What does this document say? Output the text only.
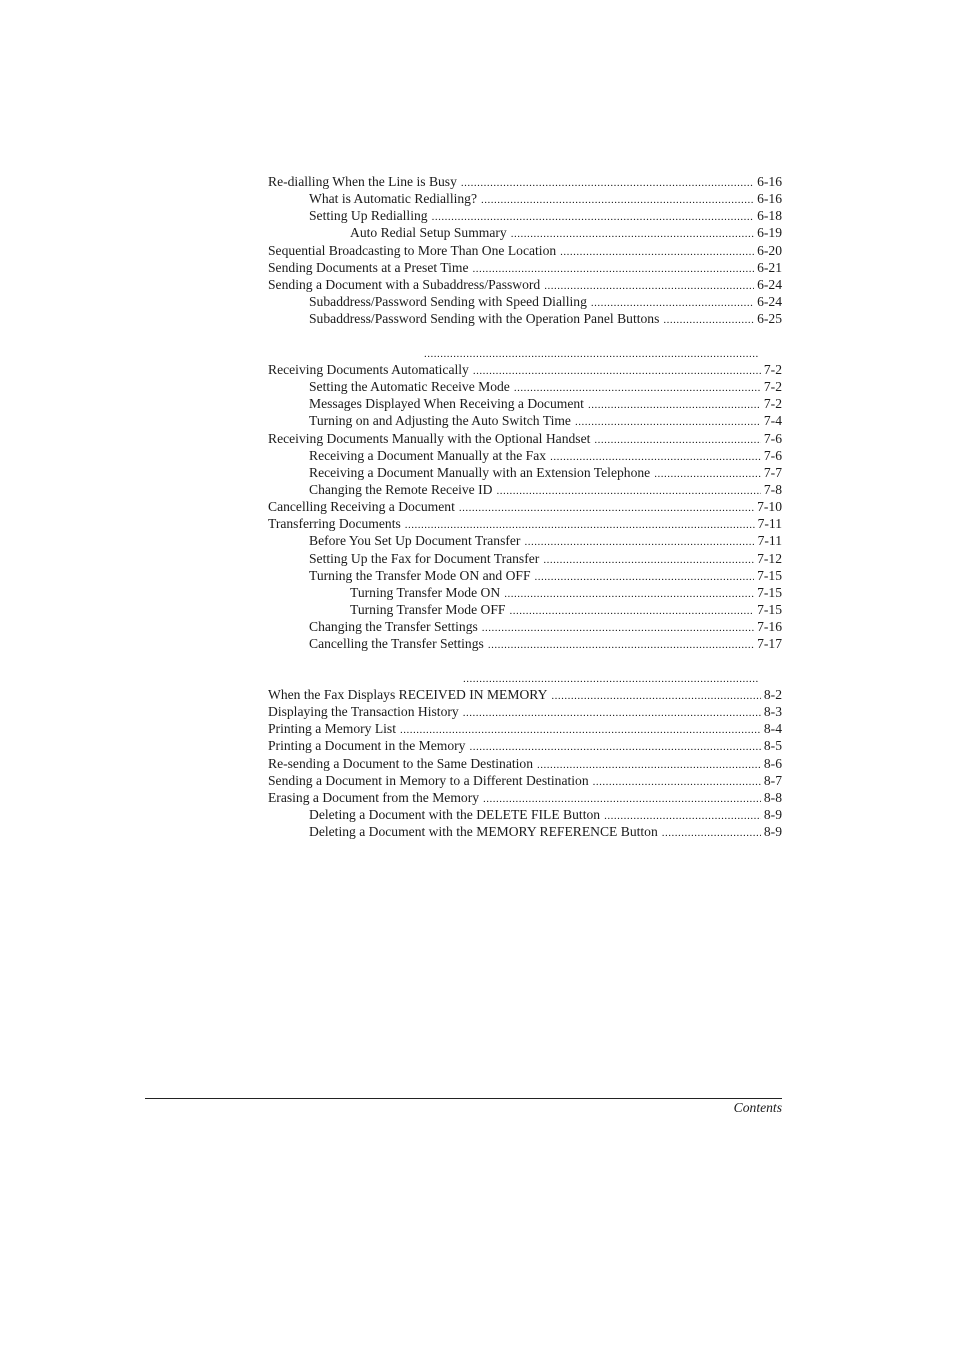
Re-dialling When the Line is Busy .....	6-16
What is Automatic Redialling? .....	6-16
Setting Up Redialling .....	6-18
Auto Redial Setup Summary .....	6-19
Sequential Broadcasting to More Than One Location .....	6-20
Sending Documents at a Preset Time .....	6-21
Sending a Document with a Subaddress/Password .....	6-24
Subaddress/Password Sending with Speed Dialling .....	6-24
Subaddress/Password Sending with the Operation Panel Buttons .....	6-25
.....
Receiving Documents Automatically .....	7-2
Setting the Automatic Receive Mode .....	7-2
Messages Displayed When Receiving a Document .....	7-2
Turning on and Adjusting the Auto Switch Time .....	7-4
Receiving Documents Manually with the Optional Handset .....	7-6
Receiving a Document Manually at the Fax .....	7-6
Receiving a Document Manually with an Extension Telephone .....	7-7
Changing the Remote Receive ID .....	7-8
Cancelling Receiving a Document .....	7-10
Transferring Documents .....	7-11
Before You Set Up Document Transfer .....	7-11
Setting Up the Fax for Document Transfer .....	7-12
Turning the Transfer Mode ON and OFF .....	7-15
Turning Transfer Mode ON .....	7-15
Turning Transfer Mode OFF .....	7-15
Changing the Transfer Settings .....	7-16
Cancelling the Transfer Settings .....	7-17
.....
When the Fax Displays RECEIVED IN MEMORY .....	8-2
Displaying the Transaction History .....	8-3
Printing a Memory List .....	8-4
Printing a Document in the Memory .....	8-5
Re-sending a Document to the Same Destination .....	8-6
Sending a Document in Memory to a Different Destination .....	8-7
Erasing a Document from the Memory .....	8-8
Deleting a Document with the DELETE FILE Button .....	8-9
Deleting a Document with the MEMORY REFERENCE Button .....	8-9
Contents
